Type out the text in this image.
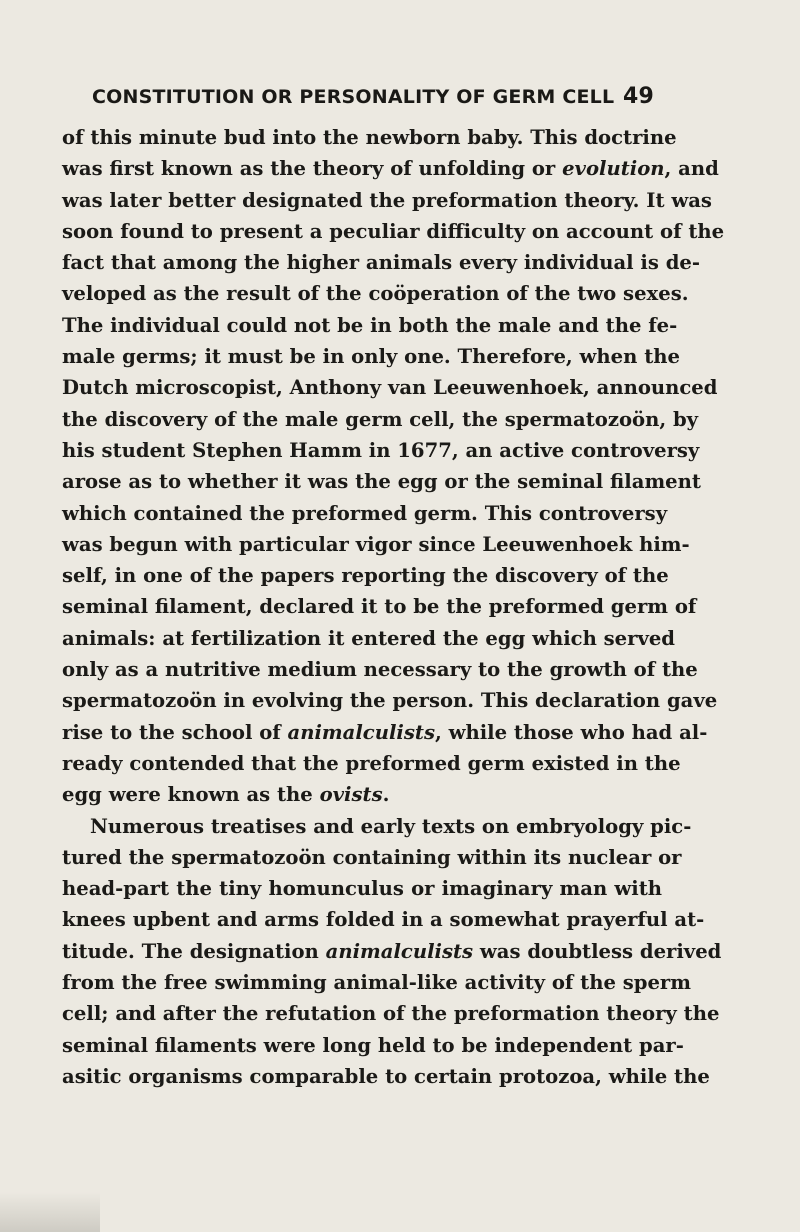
CONSTITUTION OR PERSONALITY OF GERM CELL 49
of this minute bud into the newborn baby. This doctrine
was first known as the theory of unfolding or evolution, and
was later better designated the preformation theory. It was
soon found to present a peculiar difficulty on account of the
fact that among the higher animals every individual is de-
veloped as the result of the coöperation of the two sexes.
The individual could not be in both the male and the fe-
male germs; it must be in only one. Therefore, when the
Dutch microscopist, Anthony van Leeuwenhoek, announced
the discovery of the male germ cell, the spermatozoön, by
his student Stephen Hamm in 1677, an active controversy
arose as to whether it was the egg or the seminal filament
which contained the preformed germ. This controversy
was begun with particular vigor since Leeuwenhoek him-
self, in one of the papers reporting the discovery of the
seminal filament, declared it to be the preformed germ of
animals: at fertilization it entered the egg which served
only as a nutritive medium necessary to the growth of the
spermatozoön in evolving the person. This declaration gave
rise to the school of animalculists, while those who had al-
ready contended that the preformed germ existed in the
egg were known as the ovists.
Numerous treatises and early texts on embryology pic-
tured the spermatozoön containing within its nuclear or
head-part the tiny homunculus or imaginary man with
knees upbent and arms folded in a somewhat prayerful at-
titude. The designation animalculists was doubtless derived
from the free swimming animal-like activity of the sperm
cell; and after the refutation of the preformation theory the
seminal filaments were long held to be independent par-
asitic organisms comparable to certain protozoa, while the
